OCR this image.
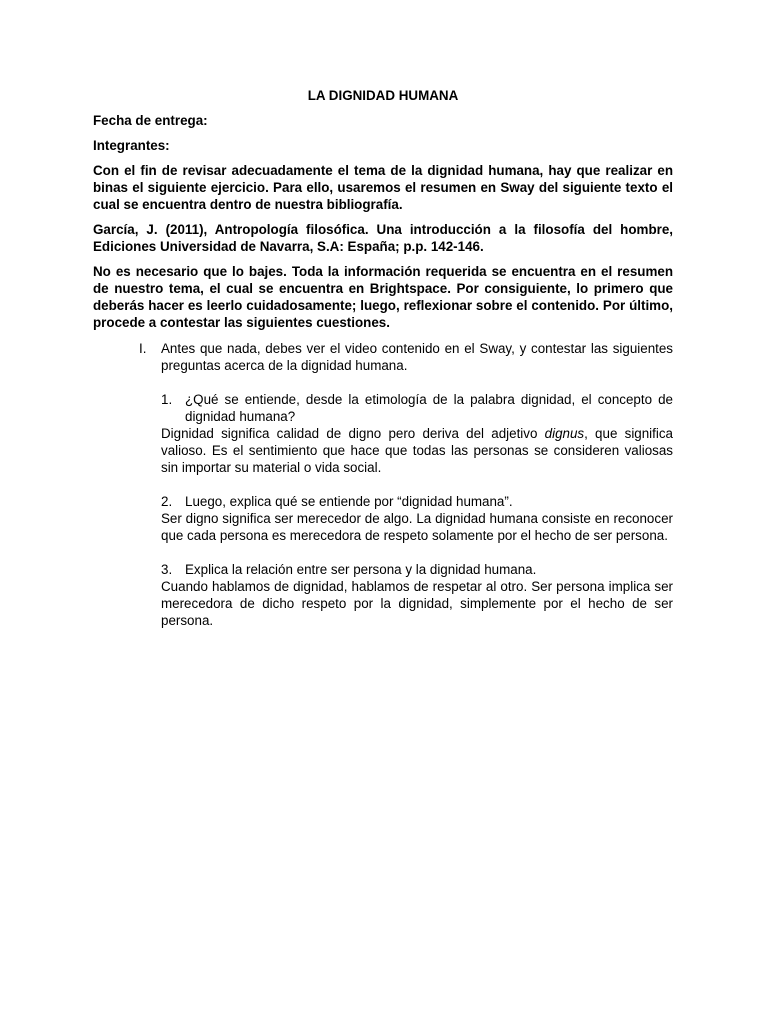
LA DIGNIDAD HUMANA

Fecha de entrega:

Integrantes:

Con el fin de revisar adecuadamente el tema de la dignidad humana, hay que realizar en binas el siguiente ejercicio. Para ello, usaremos el resumen en Sway del siguiente texto el cual se encuentra dentro de nuestra bibliografía.

García, J. (2011), Antropología filosófica. Una introducción a la filosofía del hombre, Ediciones Universidad de Navarra, S.A: España; p.p. 142-146.

No es necesario que lo bajes. Toda la información requerida se encuentra en el resumen de nuestro tema, el cual se encuentra en Brightspace. Por consiguiente, lo primero que deberás hacer es leerlo cuidadosamente; luego, reflexionar sobre el contenido. Por último, procede a contestar las siguientes cuestiones.

I. Antes que nada, debes ver el video contenido en el Sway, y contestar las siguientes preguntas acerca de la dignidad humana.
1. ¿Qué se entiende, desde la etimología de la palabra dignidad, el concepto de dignidad humana?
Dignidad significa calidad de digno pero deriva del adjetivo dignus, que significa valioso. Es el sentimiento que hace que todas las personas se consideren valiosas sin importar su material o vida social.
2. Luego, explica qué se entiende por “dignidad humana”.
Ser digno significa ser merecedor de algo. La dignidad humana consiste en reconocer que cada persona es merecedora de respeto solamente por el hecho de ser persona.
3. Explica la relación entre ser persona y la dignidad humana.
Cuando hablamos de dignidad, hablamos de respetar al otro. Ser persona implica ser merecedora de dicho respeto por la dignidad, simplemente por el hecho de ser persona.
